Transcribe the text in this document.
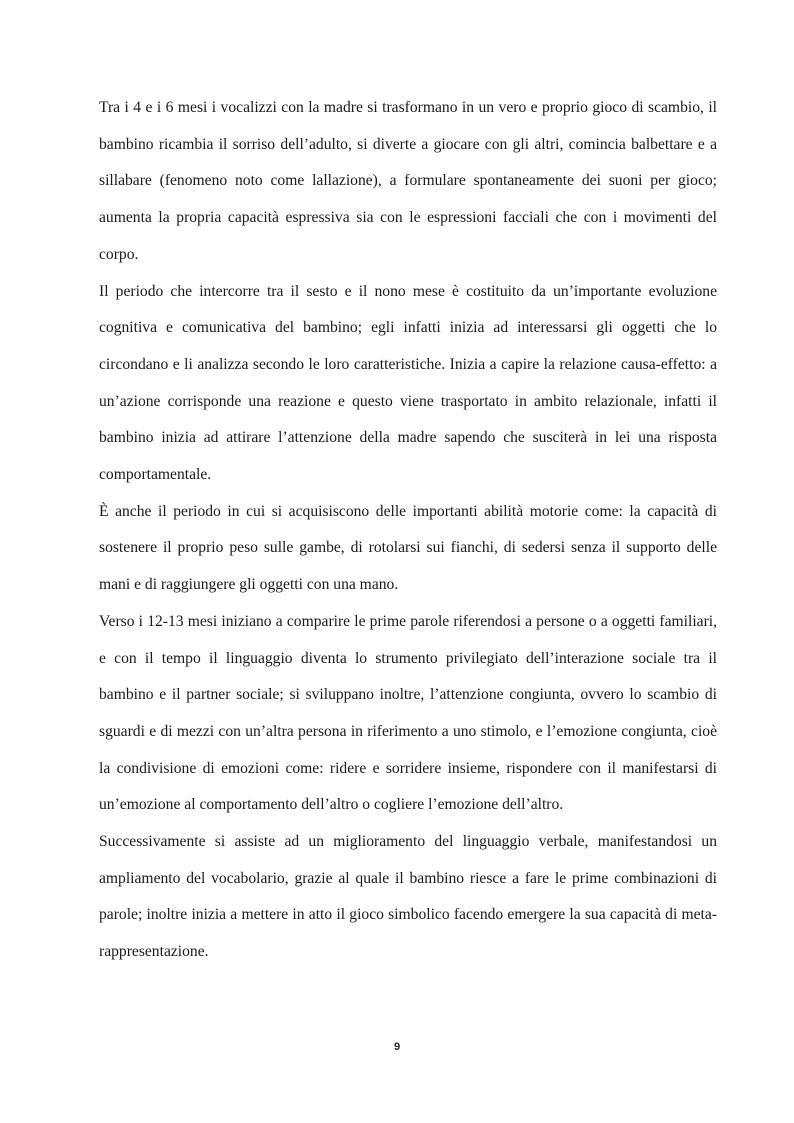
Tra i 4 e i 6 mesi i vocalizzi con la madre si trasformano in un vero e proprio gioco di scambio, il bambino ricambia il sorriso dell’adulto, si diverte a giocare con gli altri, comincia balbettare e a sillabare (fenomeno noto come lallazione), a formulare spontaneamente dei suoni per gioco; aumenta la propria capacità espressiva sia con le espressioni facciali che con i movimenti del corpo.

Il periodo che intercorre tra il sesto e il nono mese è costituito da un’importante evoluzione cognitiva e comunicativa del bambino; egli infatti inizia ad interessarsi gli oggetti che lo circondano e li analizza secondo le loro caratteristiche. Inizia a capire la relazione causa-effetto: a un’azione corrisponde una reazione e questo viene trasportato in ambito relazionale, infatti il bambino inizia ad attirare l’attenzione della madre sapendo che susciterà in lei una risposta comportamentale.

È anche il periodo in cui si acquisiscono delle importanti abilità motorie come: la capacità di sostenere il proprio peso sulle gambe, di rotolarsi sui fianchi, di sedersi senza il supporto delle mani e di raggiungere gli oggetti con una mano.

Verso i 12-13 mesi iniziano a comparire le prime parole riferendosi a persone o a oggetti familiari, e con il tempo il linguaggio diventa lo strumento privilegiato dell’interazione sociale tra il bambino e il partner sociale; si sviluppano inoltre, l’attenzione congiunta, ovvero lo scambio di sguardi e di mezzi con un’altra persona in riferimento a uno stimolo, e l’emozione congiunta, cioè la condivisione di emozioni come: ridere e sorridere insieme, rispondere con il manifestarsi di un’emozione al comportamento dell’altro o cogliere l’emozione dell’altro.

Successivamente si assiste ad un miglioramento del linguaggio verbale, manifestandosi un ampliamento del vocabolario, grazie al quale il bambino riesce a fare le prime combinazioni di parole; inoltre inizia a mettere in atto il gioco simbolico facendo emergere la sua capacità di meta-rappresentazione.

9
